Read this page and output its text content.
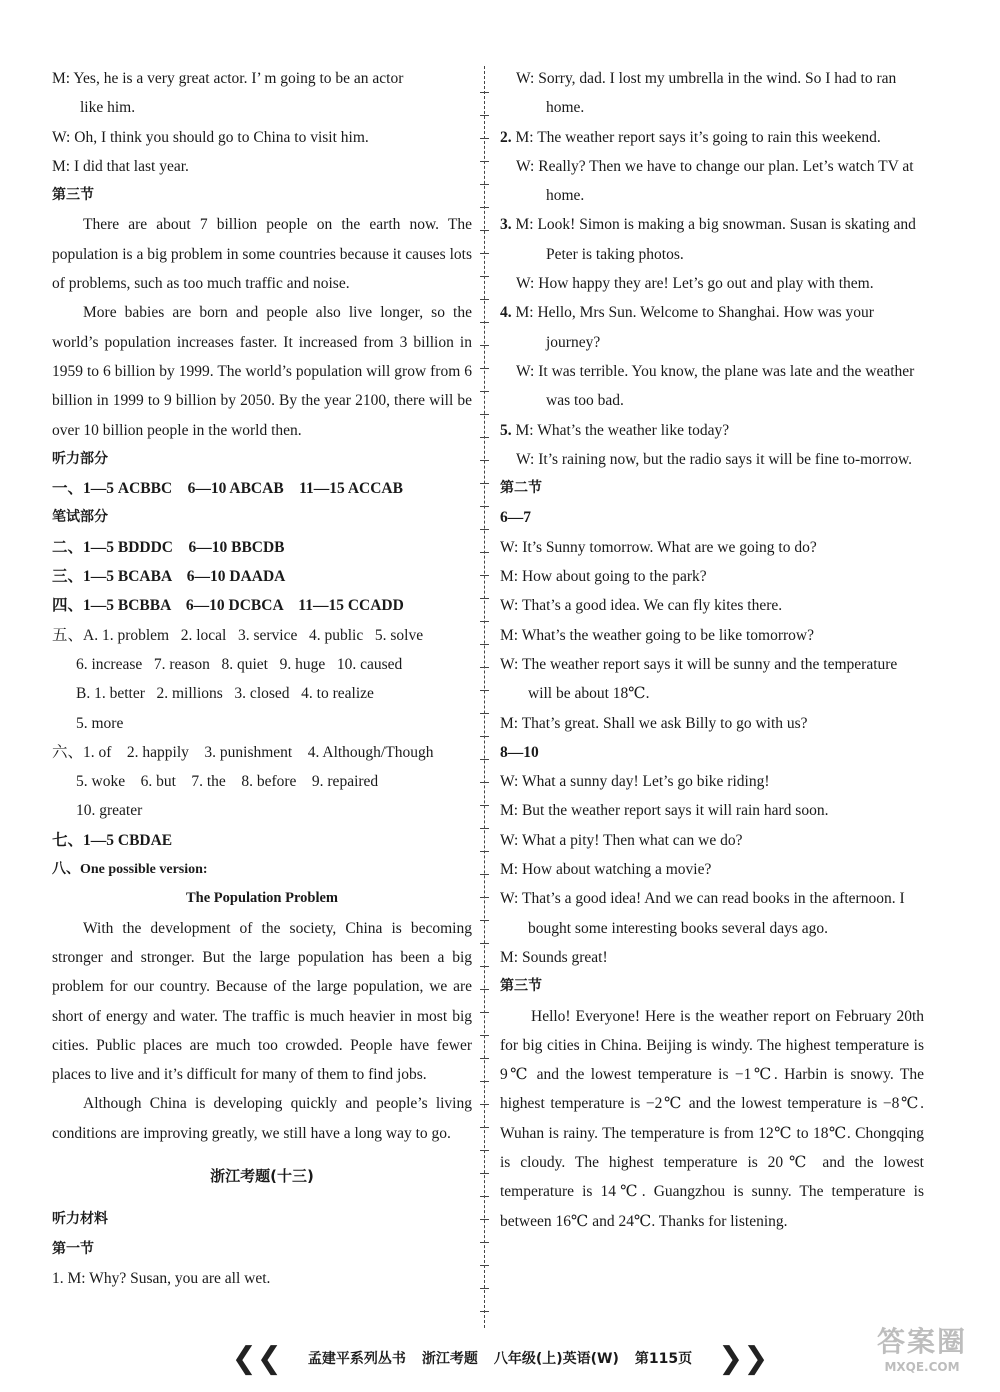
M: Yes, he is a very great actor. I’ m going to be an actor
like him.
W: Oh, I think you should go to China to visit him.
M: I did that last year.
第三节
There are about 7 billion people on the earth now. The population is a big problem in some countries because it causes lots of problems, such as too much traffic and noise.
More babies are born and people also live longer, so the world’s population increases faster. It increased from 3 billion in 1959 to 6 billion by 1999. The world’s population will grow from 6 billion in 1999 to 9 billion by 2050. By the year 2100, there will be over 10 billion people in the world then.
听力部分
一、1—5 ACBBC    6—10 ABCAB    11—15 ACCAB
笔试部分
二、1—5 BDDDC    6—10 BBCDB
三、1—5 BCABA    6—10 DAADA
四、1—5 BCBBA    6—10 DCBCA    11—15 CCADD
五、A. 1. problem   2. local   3. service   4. public   5. solve
6. increase   7. reason   8. quiet   9. huge   10. caused
B. 1. better   2. millions   3. closed   4. to realize
5. more
六、1. of    2. happily    3. punishment    4. Although/Though
5. woke    6. but    7. the    8. before    9. repaired
10. greater
七、1—5 CBDAE
八、One possible version:
The Population Problem
With the development of the society, China is becoming stronger and stronger. But the large population has been a big problem for our country. Because of the large population, we are short of energy and water. The traffic is much heavier in most big cities. Public places are much too crowded. People have fewer places to live and it’s difficult for many of them to find jobs.
Although China is developing quickly and people’s living conditions are improving greatly, we still have a long way to go.
浙江考题(十三)
听力材料
第一节
1. M: Why? Susan, you are all wet.
W: Sorry, dad. I lost my umbrella in the wind. So I had to ran home.
2. M: The weather report says it’s going to rain this weekend.
W: Really? Then we have to change our plan. Let’s watch TV at home.
3. M: Look! Simon is making a big snowman. Susan is skating and Peter is taking photos.
W: How happy they are! Let’s go out and play with them.
4. M: Hello, Mrs Sun. Welcome to Shanghai. How was your journey?
W: It was terrible. You know, the plane was late and the weather was too bad.
5. M: What’s the weather like today?
W: It’s raining now, but the radio says it will be fine to-morrow.
第二节
6—7
W: It’s Sunny tomorrow. What are we going to do?
M: How about going to the park?
W: That’s a good idea. We can fly kites there.
M: What’s the weather going to be like tomorrow?
W: The weather report says it will be sunny and the temperature will be about 18℃.
M: That’s great. Shall we ask Billy to go with us?
8—10
W: What a sunny day! Let’s go bike riding!
M: But the weather report says it will rain hard soon.
W: What a pity! Then what can we do?
M: How about watching a movie?
W: That’s a good idea! And we can read books in the afternoon. I bought some interesting books several days ago.
M: Sounds great!
第三节
Hello! Everyone! Here is the weather report on February 20th for big cities in China. Beijing is windy. The highest temperature is 9℃ and the lowest temperature is −1℃. Harbin is snowy. The highest temperature is −2℃ and the lowest temperature is −8℃. Wuhan is rainy. The temperature is from 12℃ to 18℃. Chongqing is cloudy. The highest temperature is 20℃ and the lowest temperature is 14℃. Guangzhou is sunny. The temperature is between 16℃ and 24℃. Thanks for listening.
❮❮ 孟建平系列丛书 浙江考题 八年级(上)英语(W) 第115页 ❯❯	答案圈
MXQE.COM
